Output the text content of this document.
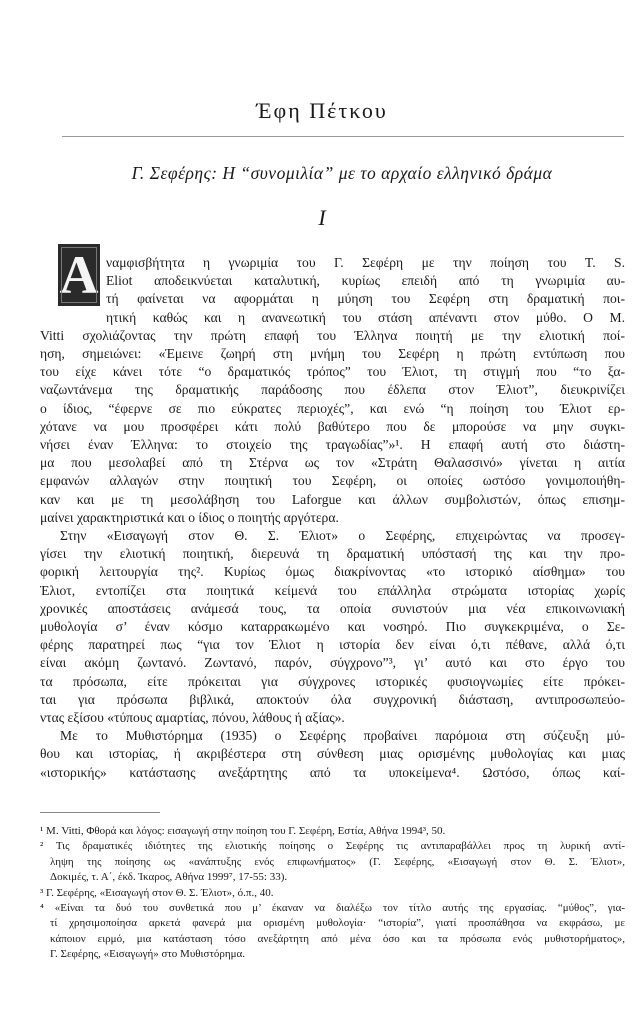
Έφη Πέτκου
Γ. Σεφέρης: Η “συνομιλία” με το αρχαίο ελληνικό δράμα
I
A ναμφισβήτητα η γνωριμία του Γ. Σεφέρη με την ποίηση του T. S.
Eliot αποδεικνύεται καταλυτική, κυρίως επειδή από τη γνωριμία αυ-
τή φαίνεται να αφορμάται η μύηση του Σεφέρη στη δραματική ποι-
ητική καθώς και η ανανεωτική του στάση απέναντι στον μύθο. Ο Μ.
Vitti σχολιάζοντας την πρώτη επαφή του Έλληνα ποιητή με την ελιοτική ποί-
ηση, σημειώνει: «Έμεινε ζωηρή στη μνήμη του Σεφέρη η πρώτη εντύπωση που
του είχε κάνει τότε “ο δραματικός τρόπος” του Έλιοτ, τη στιγμή που “το ξα-
ναζωντάνεμα της δραματικής παράδοσης που έδλεπα στον Έλιοτ”, διευκρινίζει
ο ίδιος, “έφερνε σε πιο εύκρατες περιοχές”, και ενώ “η ποίηση του Έλιοτ ερ-
χότανε να μου προσφέρει κάτι πολύ βαθύτερο που δε μπορούσε να μην συγκι-
νήσει έναν Έλληνα: το στοιχείο της τραγωδίας”»¹. Η επαφή αυτή στο διάστη-
μα που μεσολαβεί από τη Στέρνα ως τον «Στράτη Θαλασσινό» γίνεται η αιτία
εμφανών αλλαγών στην ποιητική του Σεφέρη, οι οποίες ωστόσο γονιμοποιήθη-
καν και με τη μεσολάβηση του Laforgue και άλλων συμβολιστών, όπως επισημ-
μαίνει χαρακτηριστικά και ο ίδιος ο ποιητής αργότερα.
Στην «Εισαγωγή στον Θ. Σ. Έλιοτ» ο Σεφέρης, επιχειρώντας να προσεγ-
γίσει την ελιοτική ποιητική, διερευνά τη δραματική υπόστασή της και την προ-
φορική λειτουργία της². Κυρίως όμως διακρίνοντας «το ιστορικό αίσθημα» του
Έλιοτ, εντοπίζει στα ποιητικά κείμενά του επάλληλα στρώματα ιστορίας χωρίς
χρονικές αποστάσεις ανάμεσά τους, τα οποία συνιστούν μια νέα επικοινωνιακή
μυθολογία σ’ έναν κόσμο καταρρακωμένο και νοσηρό. Πιο συγκεκριμένα, ο Σε-
φέρης παρατηρεί πως “για τον Έλιοτ η ιστορία δεν είναι ό,τι πέθανε, αλλά ό,τι
είναι ακόμη ζωντανό. Ζωντανό, παρόν, σύγχρονο”³, γι’ αυτό και στο έργο του
τα πρόσωπα, είτε πρόκειται για σύγχρονες ιστορικές φυσιογνωμίες είτε πρόκει-
ται για πρόσωπα βιβλικά, αποκτούν όλα συγχρονική διάσταση, αντιπροσωπεύο-
ντας εξίσου «τύπους αμαρτίας, πόνου, λάθους ή αξίας».
Με το Μυθιστόρημα (1935) ο Σεφέρης προβαίνει παρόμοια στη σύζευξη μύ-
θου και ιστορίας, ή ακριβέστερα στη σύνθεση μιας ορισμένης μυθολογίας και μιας
«ιστορικής» κατάστασης ανεξάρτητης από τα υποκείμενα⁴. Ωστόσο, όπως καί-
¹ Μ. Vitti, Φθορά και λόγος: εισαγωγή στην ποίηση του Γ. Σεφέρη, Εστία, Αθήνα 1994³, 50.
² Τις δραματικές ιδιότητες της ελιοτικής ποίησης ο Σεφέρης τις αντιπαραβάλλει προς τη λυρική αντί-
ληψη της ποίησης ως «ανάπτυξης ενός επιφωνήματος» (Γ. Σεφέρης, «Εισαγωγή στον Θ. Σ. Έλιοτ»,
Δοκιμές, τ. Α΄, έκδ. Ίκαρος, Αθήνα 1999⁷, 17-55: 33).
³ Γ. Σεφέρης, «Εισαγωγή στον Θ. Σ. Έλιοτ», ό.π., 40.
⁴ «Είναι τα δυό του συνθετικά που μ’ έκαναν να διαλέξω τον τίτλο αυτής της εργασίας. “μύθος”, για-
τί χρησιμοποίησα αρκετά φανερά μια ορισμένη μυθολογία· “ιστορία”, γιατί προσπάθησα να εκφράσω, με
κάποιον ειρμό, μια κατάσταση τόσο ανεξάρτητη από μένα όσο και τα πρόσωπα ενός μυθιστορήματος»,
Γ. Σεφέρης, «Εισαγωγή» στο Μυθιστόρημα.
